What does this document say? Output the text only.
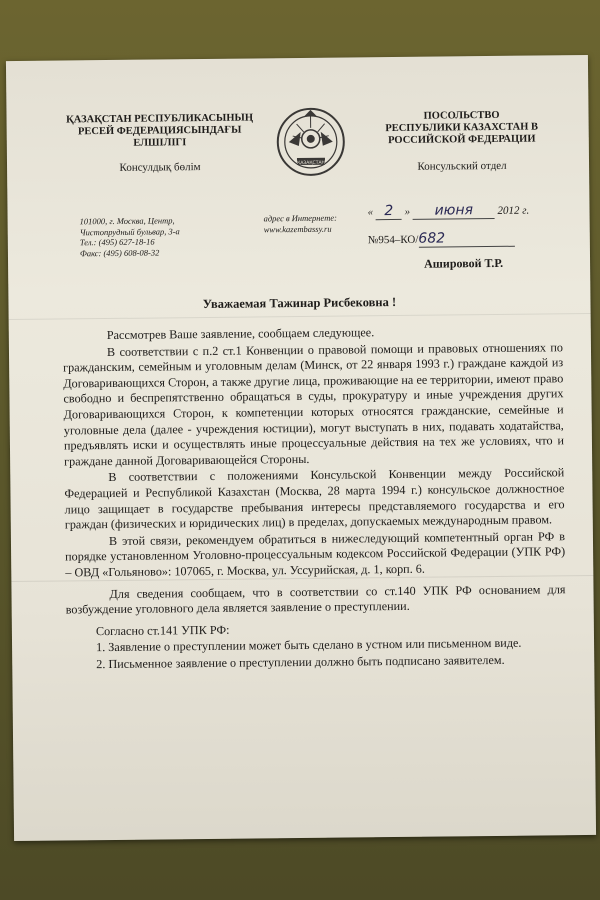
ҚАЗАҚСТАН РЕСПУБЛИКАСЫНЫҢ
РЕСЕЙ ФЕДЕРАЦИЯСЫНДАҒЫ
ЕЛШІЛІГІ
Консулдық бөлім	ҚАЗАҚСТАН
ПОСОЛЬСТВО
РЕСПУБЛИКИ КАЗАХСТАН В
РОССИЙСКОЙ ФЕДЕРАЦИИ
Консульский отдел
101000, г. Москва, Центр,
Чистопрудный бульвар, 3-а
Тел.: (495) 627-18-16
Факс: (495) 608-08-32
адрес в Интернете:
www.kazembassy.ru
« 2 » июня 2012 г.
№954–КО/682
Ашировой Т.Р.
Уважаемая Тажинар Рисбековна !

Рассмотрев Ваше заявление, сообщаем следующее.

В соответствии с п.2 ст.1 Конвенции о правовой помощи и правовых отношениях по гражданским, семейным и уголовным делам (Минск, от 22 января 1993 г.) граждане каждой из Договаривающихся Сторон, а также другие лица, проживающие на ее территории, имеют право свободно и беспрепятственно обращаться в суды, прокуратуру и иные учреждения других Договаривающихся Сторон, к компетенции которых относятся гражданские, семейные и уголовные дела (далее - учреждения юстиции), могут выступать в них, подавать ходатайства, предъявлять иски и осуществлять иные процессуальные действия на тех же условиях, что и граждане данной Договаривающейся Стороны.

В соответствии с положениями Консульской Конвенции между Российской Федерацией и Республикой Казахстан (Москва, 28 марта 1994 г.) консульское должностное лицо защищает в государстве пребывания интересы представляемого государства и его граждан (физических и юридических лиц) в пределах, допускаемых международным правом.

В этой связи, рекомендуем обратиться в нижеследующий компетентный орган РФ в порядке установленном Уголовно-процессуальным кодексом Российской Федерации (УПК РФ) – ОВД «Гольяново»: 107065, г. Москва, ул. Уссурийская, д. 1, корп. 6.

Для сведения сообщаем, что в соответствии со ст.140 УПК РФ основанием для возбуждение уголовного дела является заявление о преступлении.

Согласно ст.141 УПК РФ:

1. Заявление о преступлении может быть сделано в устном или письменном виде.

2. Письменное заявление о преступлении должно быть подписано заявителем.
